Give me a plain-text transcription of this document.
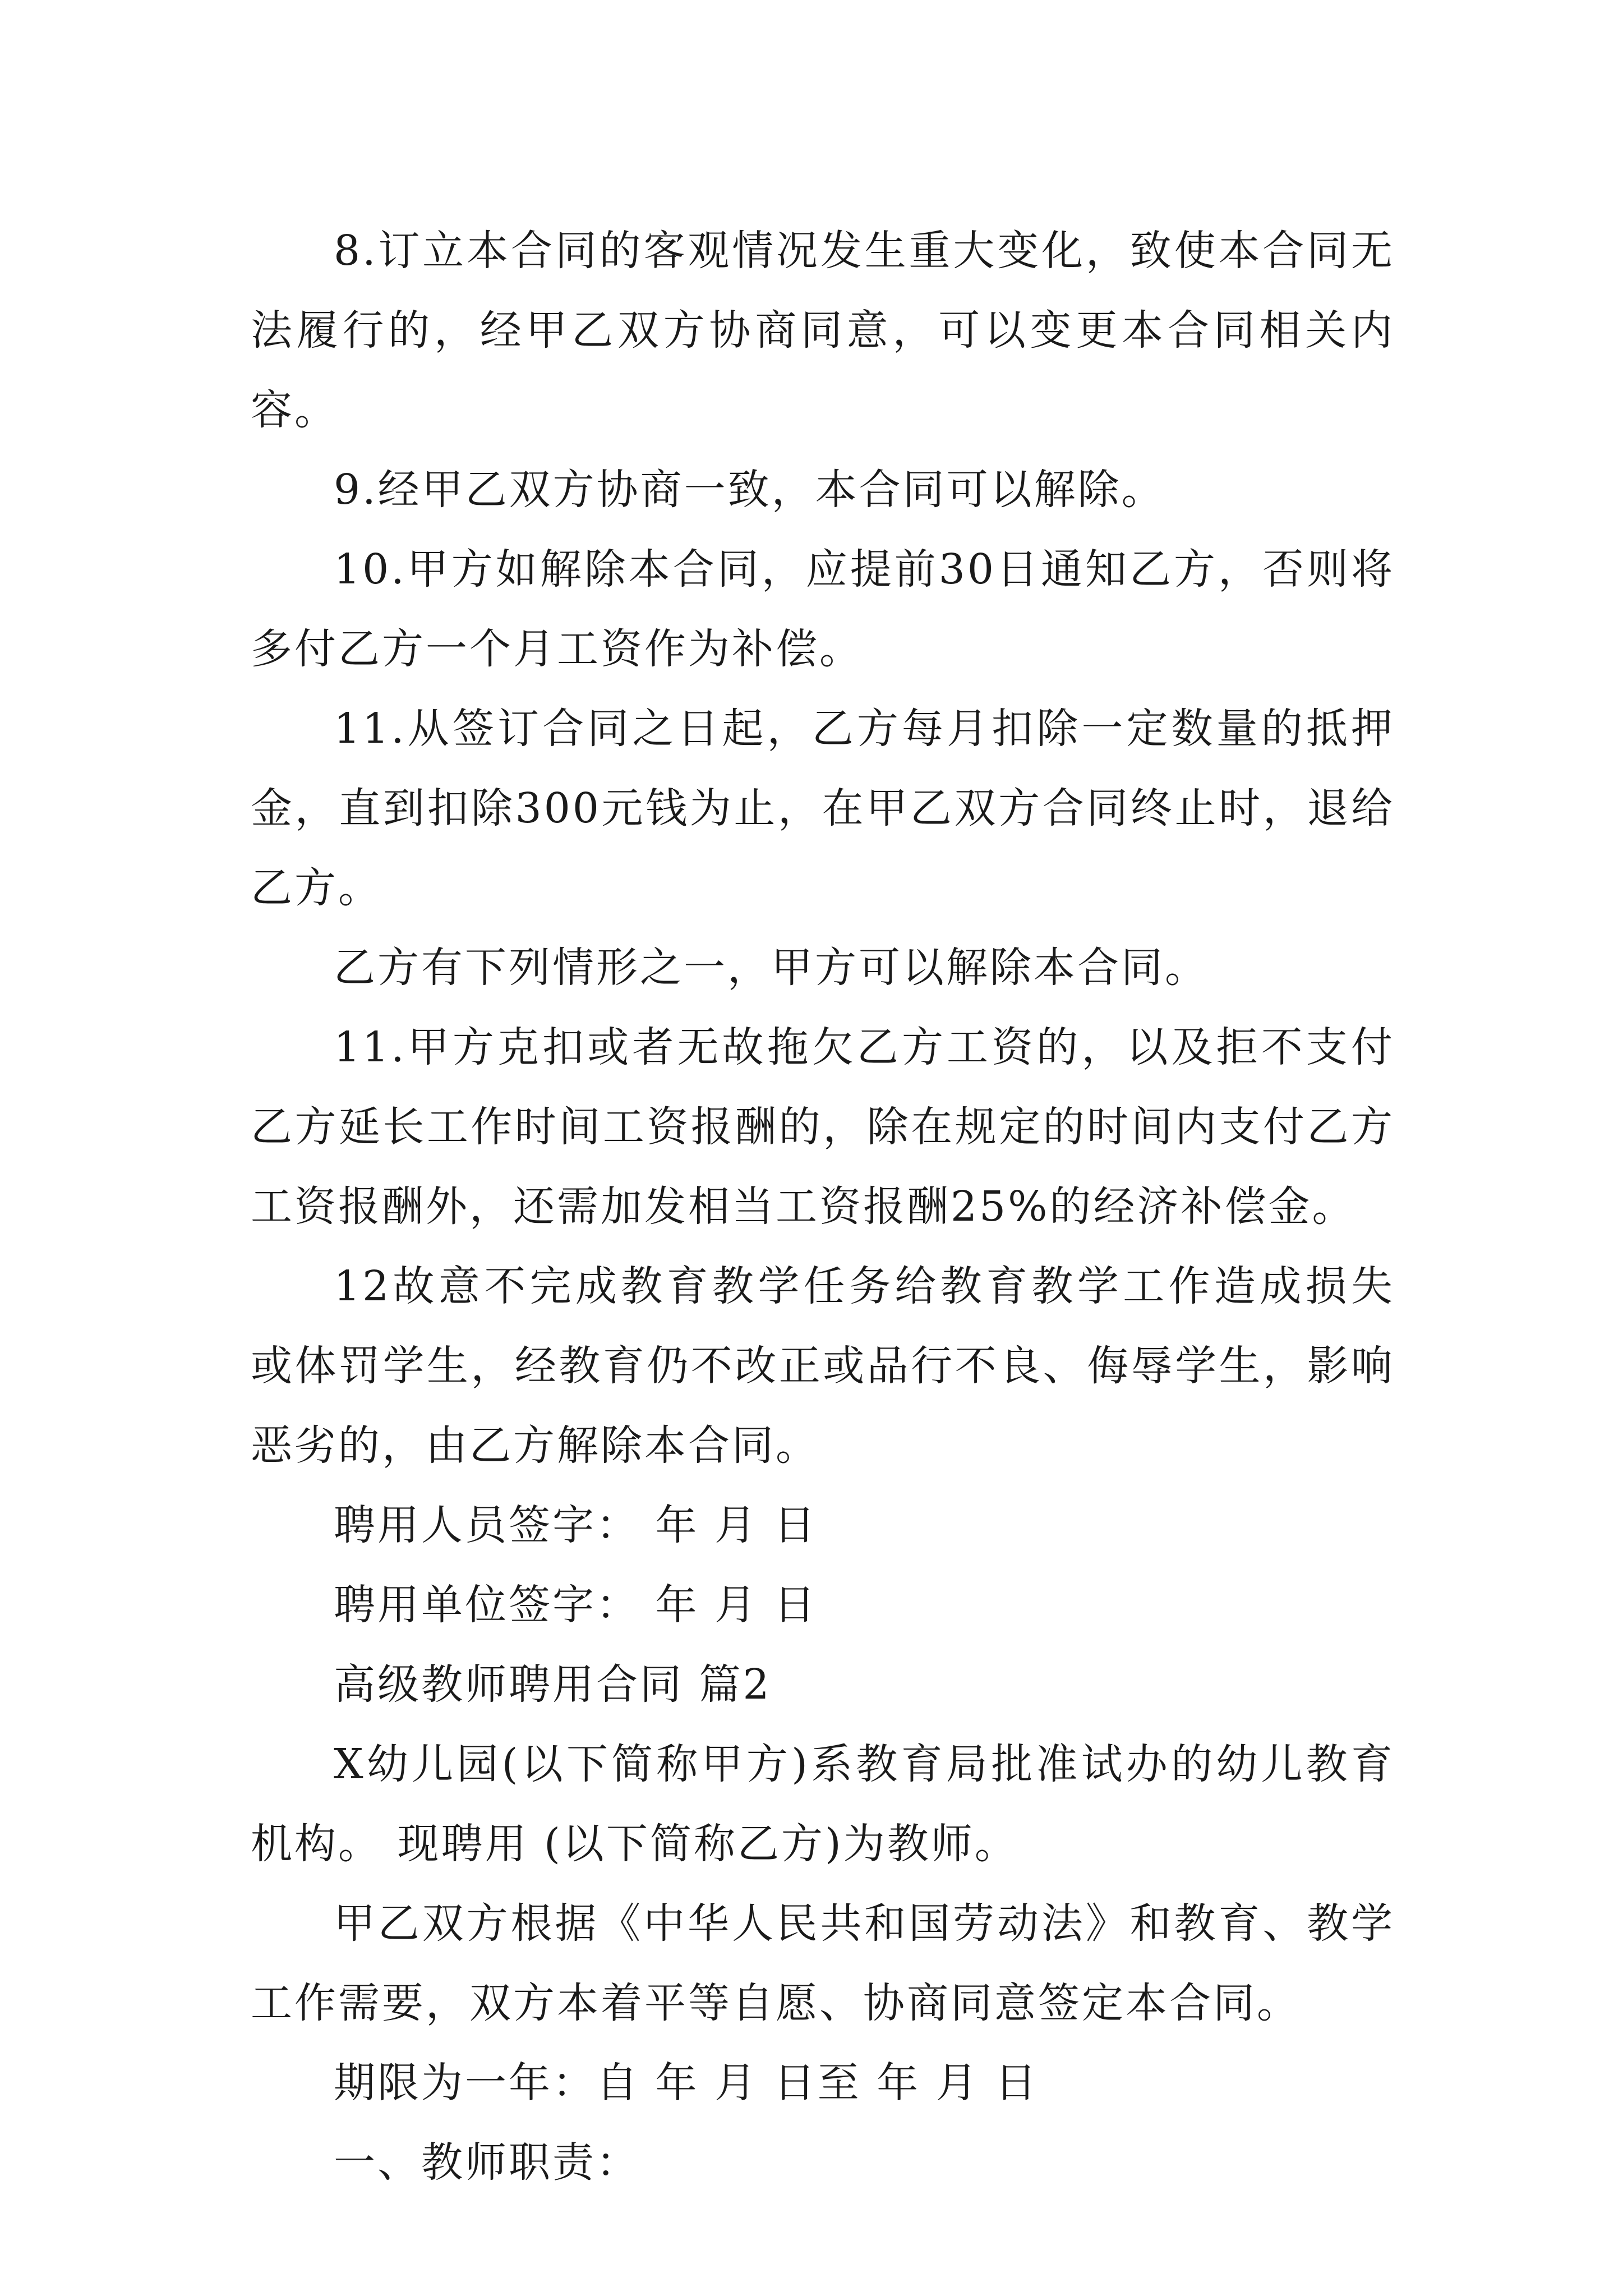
8.订立本合同的客观情况发生重大变化，致使本合同无法履行的，经甲乙双方协商同意，可以变更本合同相关内容。

9.经甲乙双方协商一致，本合同可以解除。

10.甲方如解除本合同，应提前30日通知乙方，否则将多付乙方一个月工资作为补偿。

11.从签订合同之日起，乙方每月扣除一定数量的抵押金，直到扣除300元钱为止，在甲乙双方合同终止时，退给乙方。

乙方有下列情形之一，甲方可以解除本合同。

11.甲方克扣或者无故拖欠乙方工资的，以及拒不支付乙方延长工作时间工资报酬的，除在规定的时间内支付乙方工资报酬外，还需加发相当工资报酬25%的经济补偿金。

12故意不完成教育教学任务给教育教学工作造成损失或体罚学生，经教育仍不改正或品行不良、侮辱学生，影响恶劣的，由乙方解除本合同。

聘用人员签字： 年 月 日

聘用单位签字： 年 月 日

高级教师聘用合同 篇2

X幼儿园(以下简称甲方)系教育局批准试办的幼儿教育机构。 现聘用 (以下简称乙方)为教师。

甲乙双方根据《中华人民共和国劳动法》和教育、教学工作需要，双方本着平等自愿、协商同意签定本合同。

期限为一年：自 年 月 日至 年 月 日

一、教师职责：
